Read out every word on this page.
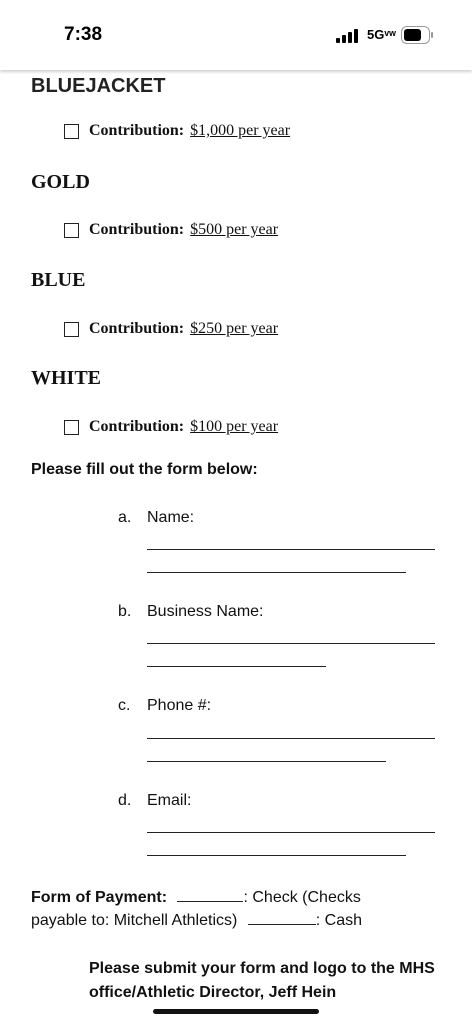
7:38	5Gᵛʷ
BLUEJACKET
Contribution: $1,000 per year
GOLD
Contribution: $500 per year
BLUE
Contribution: $250 per year
WHITE
Contribution: $100 per year
Please fill out the form below:
a. Name:
b. Business Name:
c. Phone #:
d. Email:
Form of Payment:	: Check (Checks
payable to: Mitchell Athletics)	: Cash
Please submit your form and logo to the MHS office/Athletic Director, Jeff Hein
